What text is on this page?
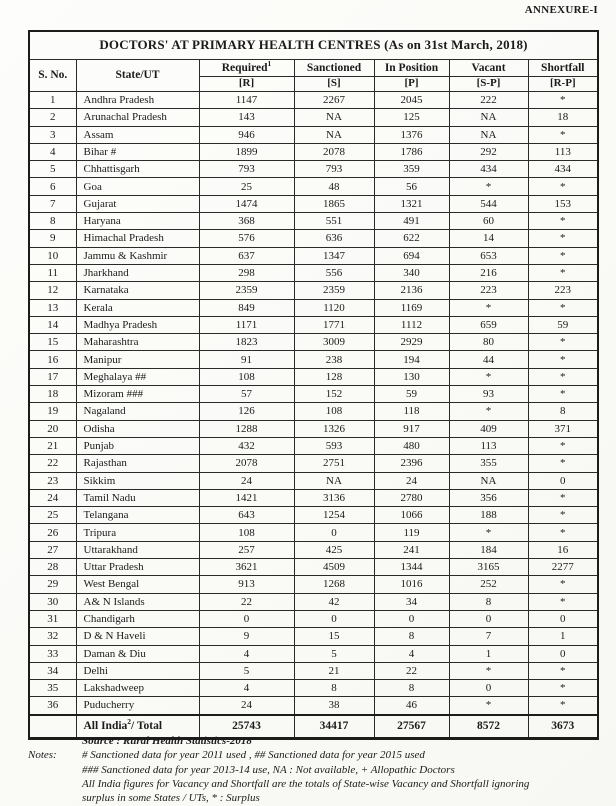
ANNEXURE-I
DOCTORS' AT PRIMARY HEALTH CENTRES (As on 31st March, 2018)						
S. No.	State/UT	Required$^1$	Sanctioned	In Position	Vacant	Shortfall
		[R]	[S]	[P]	[S-P]	[R-P]
1	Andhra Pradesh	1147	2267	2045	222	*
2	Arunachal Pradesh	143	NA	125	NA	18
3	Assam	946	NA	1376	NA	*
4	Bihar #	1899	2078	1786	292	113
5	Chhattisgarh	793	793	359	434	434
6	Goa	25	48	56	*	*
7	Gujarat	1474	1865	1321	544	153
8	Haryana	368	551	491	60	*
9	Himachal Pradesh	576	636	622	14	*
10	Jammu & Kashmir	637	1347	694	653	*
11	Jharkhand	298	556	340	216	*
12	Karnataka	2359	2359	2136	223	223
13	Kerala	849	1120	1169	*	*
14	Madhya Pradesh	1171	1771	1112	659	59
15	Maharashtra	1823	3009	2929	80	*
16	Manipur	91	238	194	44	*
17	Meghalaya ##	108	128	130	*	*
18	Mizoram ###	57	152	59	93	*
19	Nagaland	126	108	118	*	8
20	Odisha	1288	1326	917	409	371
21	Punjab	432	593	480	113	*
22	Rajasthan	2078	2751	2396	355	*
23	Sikkim	24	NA	24	NA	0
24	Tamil Nadu	1421	3136	2780	356	*
25	Telangana	643	1254	1066	188	*
26	Tripura	108	0	119	*	*
27	Uttarakhand	257	425	241	184	16
28	Uttar Pradesh	3621	4509	1344	3165	2277
29	West Bengal	913	1268	1016	252	*
30	A& N Islands	22	42	34	8	*
31	Chandigarh	0	0	0	0	0
32	D & N Haveli	9	15	8	7	1
33	Daman & Diu	4	5	4	1	0
34	Delhi	5	21	22	*	*
35	Lakshadweep	4	8	8	0	*
36	Puducherry	24	38	46	*	*
	All India$^2$/ Total	25743	34417	27567	8572	3673
Source : Rural Health Statistics-2018
Notes:	# Sanctioned data for year 2011 used , ## Sanctioned data for year 2015 used
### Sanctioned data for year 2013-14 use, NA : Not available, + Allopathic Doctors
All India figures for Vacancy and Shortfall are the totals of State-wise Vacancy and Shortfall ignoring surplus in some States / UTs, * : Surplus
